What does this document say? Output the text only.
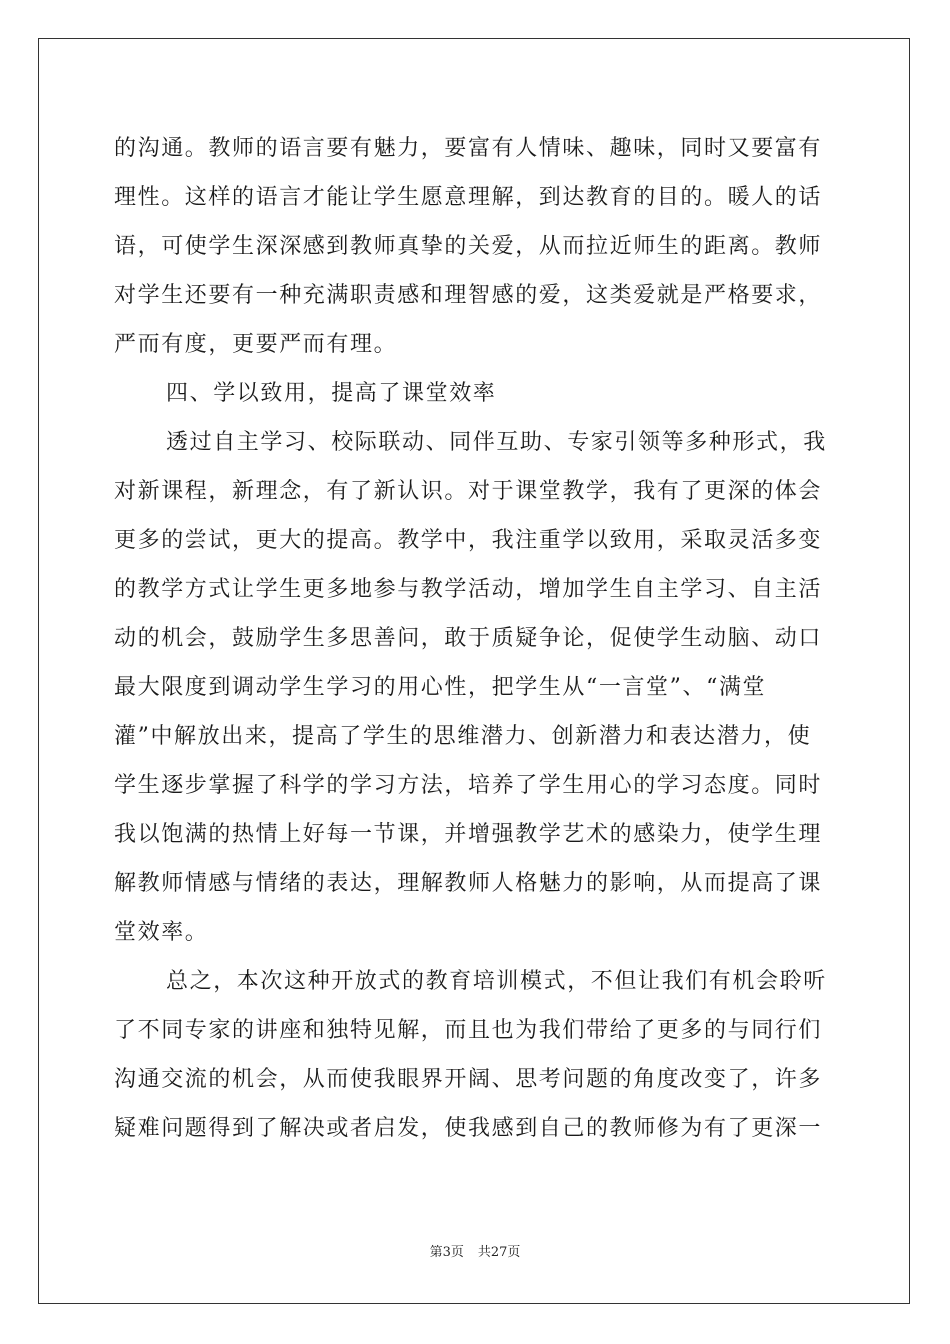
的沟通。教师的语言要有魅力，要富有人情味、趣味，同时又要富有
理性。这样的语言才能让学生愿意理解，到达教育的目的。暖人的话
语，可使学生深深感到教师真挚的关爱，从而拉近师生的距离。教师
对学生还要有一种充满职责感和理智感的爱，这类爱就是严格要求，
严而有度，更要严而有理。
四、学以致用，提高了课堂效率
透过自主学习、校际联动、同伴互助、专家引领等多种形式，我
对新课程，新理念，有了新认识。对于课堂教学，我有了更深的体会
更多的尝试，更大的提高。教学中，我注重学以致用，采取灵活多变
的教学方式让学生更多地参与教学活动，增加学生自主学习、自主活
动的机会，鼓励学生多思善问，敢于质疑争论，促使学生动脑、动口
最大限度到调动学生学习的用心性，把学生从“一言堂”、“满堂
灌”中解放出来，提高了学生的思维潜力、创新潜力和表达潜力，使
学生逐步掌握了科学的学习方法，培养了学生用心的学习态度。同时
我以饱满的热情上好每一节课，并增强教学艺术的感染力，使学生理
解教师情感与情绪的表达，理解教师人格魅力的影响，从而提高了课
堂效率。
总之，本次这种开放式的教育培训模式，不但让我们有机会聆听
了不同专家的讲座和独特见解，而且也为我们带给了更多的与同行们
沟通交流的机会，从而使我眼界开阔、思考问题的角度改变了，许多
疑难问题得到了解决或者启发，使我感到自己的教师修为有了更深一
第3页 共27页
